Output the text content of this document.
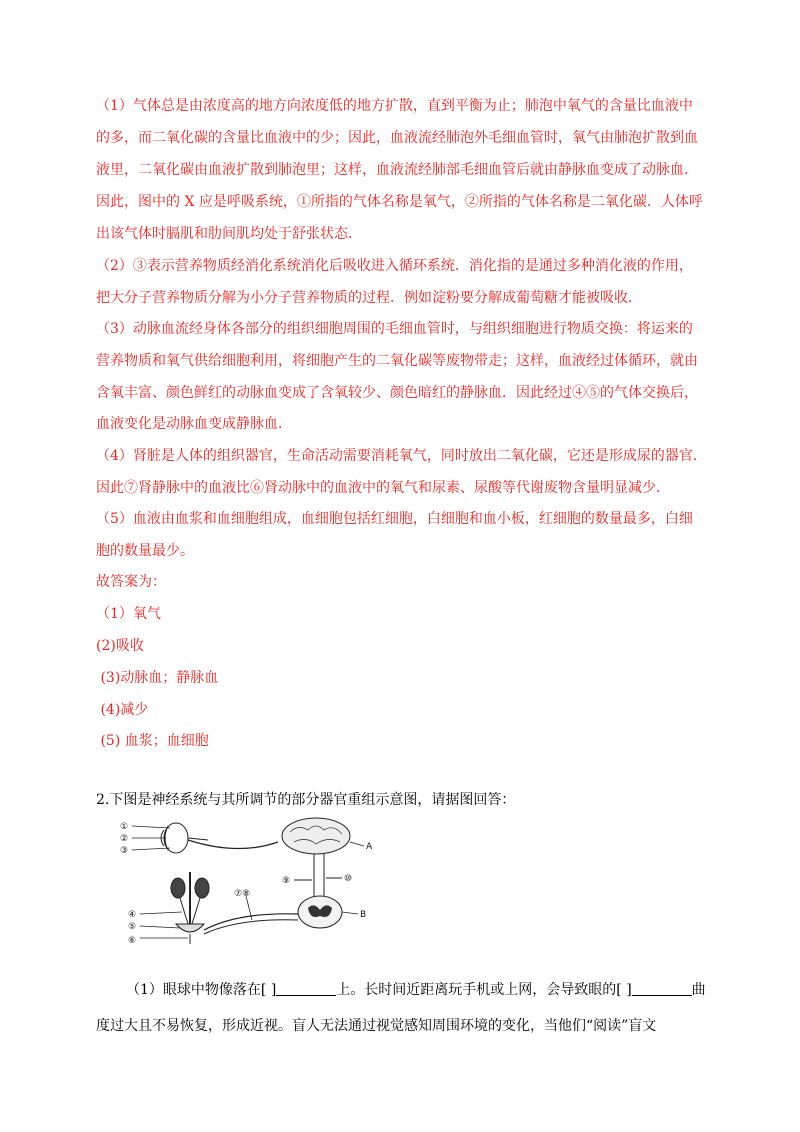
（1）气体总是由浓度高的地方向浓度低的地方扩散，直到平衡为止；肺泡中氧气的含量比血液中
的多，而二氧化碳的含量比血液中的少；因此，血液流经肺泡外毛细血管时，氧气由肺泡扩散到血
液里，二氧化碳由血液扩散到肺泡里；这样，血液流经肺部毛细血管后就由静脉血变成了动脉血．
因此，图中的 X 应是呼吸系统，①所指的气体名称是氧气，②所指的气体名称是二氧化碳．人体呼
出该气体时膈肌和肋间肌均处于舒张状态．
（2）③表示营养物质经消化系统消化后吸收进入循环系统．消化指的是通过多种消化液的作用，
把大分子营养物质分解为小分子营养物质的过程．例如淀粉要分解成葡萄糖才能被吸收．
（3）动脉血流经身体各部分的组织细胞周围的毛细血管时，与组织细胞进行物质交换：将运来的
营养物质和氧气供给细胞利用，将细胞产生的二氧化碳等废物带走；这样，血液经过体循环，就由
含氧丰富、颜色鲜红的动脉血变成了含氧较少、颜色暗红的静脉血．因此经过④⑤的气体交换后，
血液变化是动脉血变成静脉血．
（4）肾脏是人体的组织器官，生命活动需要消耗氧气，同时放出二氧化碳，它还是形成尿的器官．
因此⑦肾静脉中的血液比⑥肾动脉中的血液中的氧气和尿素、尿酸等代谢废物含量明显减少．
（5）血液由血浆和血细胞组成，血细胞包括红细胞，白细胞和血小板，红细胞的数量最多，白细
胞的数量最少。
故答案为：
（1）氧气
(2)吸收
(3)动脉血；静脉血
(4)减少
(5) 血浆；血细胞
2.下图是神经系统与其所调节的部分器官重组示意图，请据图回答：
①
②
③
④
⑤
⑥
⑦⑧
⑨	⑩
A
B
（1）眼球中物像落在[ ]	上。长时间近距离玩手机或上网，会导致眼的[ ]	曲
度过大且不易恢复，形成近视。盲人无法通过视觉感知周围环境的变化，当他们“阅读”盲文
